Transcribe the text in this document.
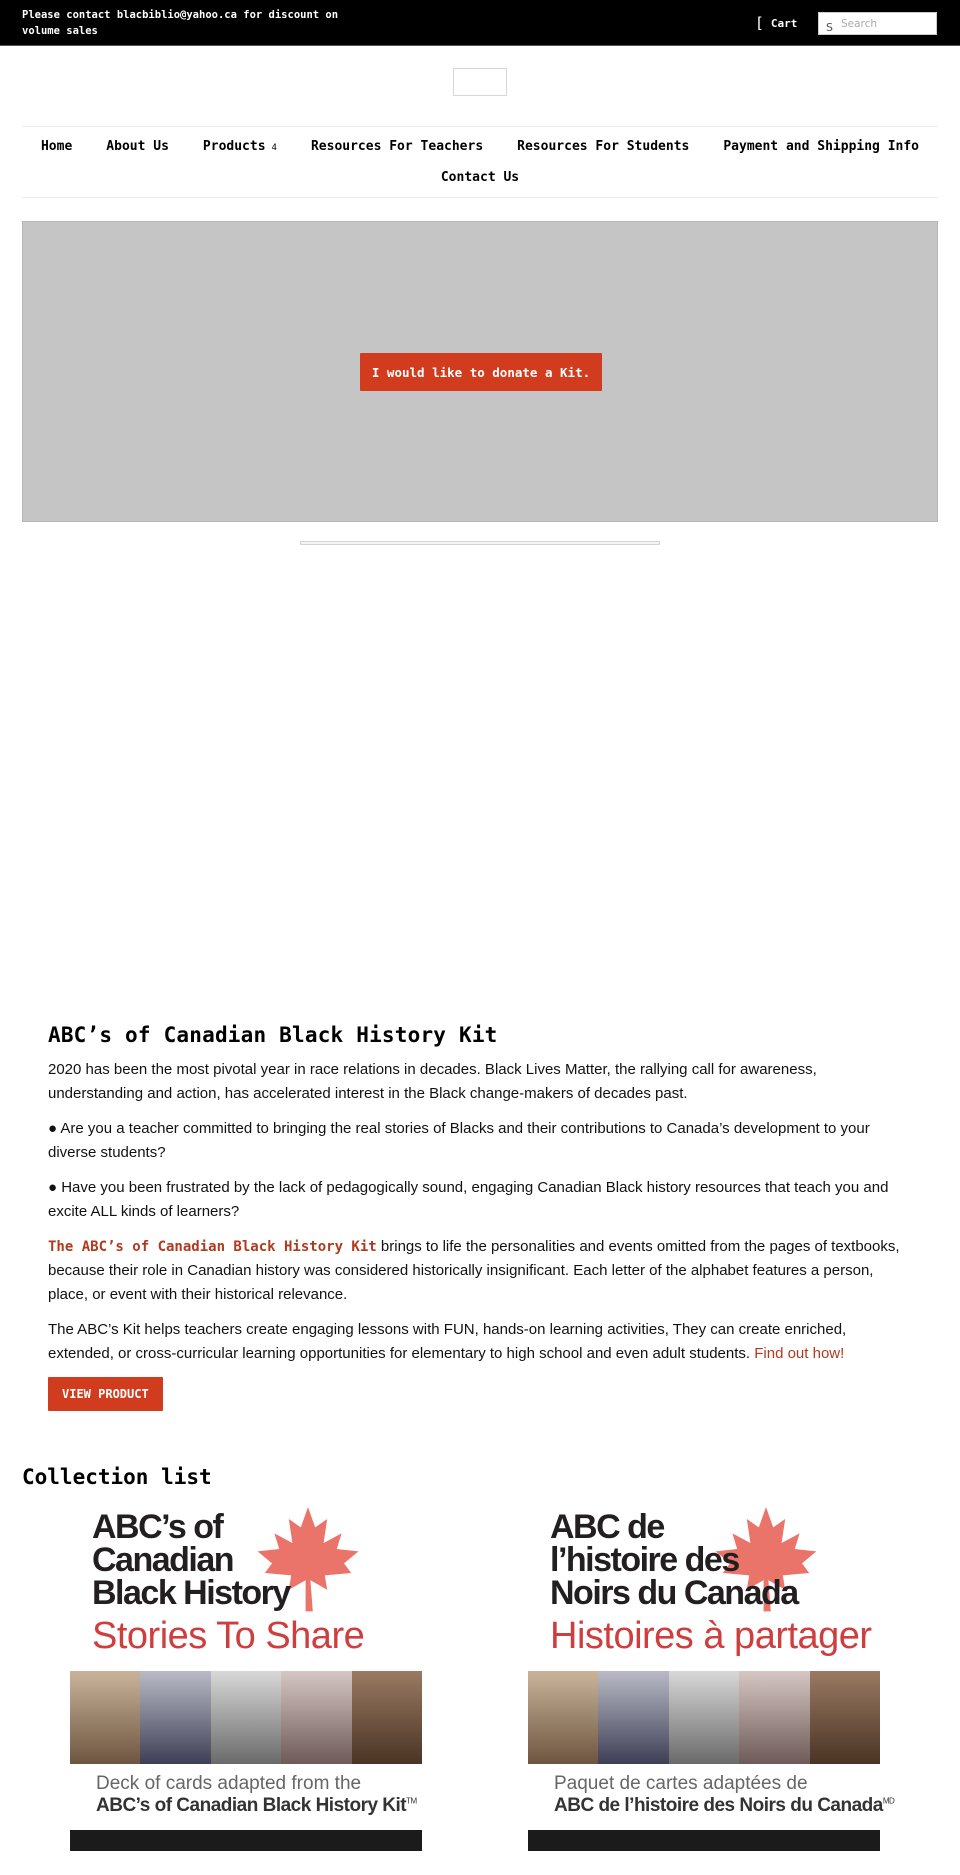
Please contact blacbiblio@yahoo.ca for discount on volume sales	[ Cart	S
Search
Home	About Us	Products 4	Resources For Teachers	Resources For Students	Payment and Shipping Info
Contact Us
I would like to donate a Kit.
ABC’s of Canadian Black History Kit

2020 has been the most pivotal year in race relations in decades. Black Lives Matter, the rallying call for awareness, understanding and action, has accelerated interest in the Black change-makers of decades past.

● Are you a teacher committed to bringing the real stories of Blacks and their contributions to Canada’s development to your diverse students?

● Have you been frustrated by the lack of pedagogically sound, engaging Canadian Black history resources that teach you and excite ALL kinds of learners?

The ABC’s of Canadian Black History Kit brings to life the personalities and events omitted from the pages of textbooks, because their role in Canadian history was considered historically insignificant. Each letter of the alphabet features a person, place, or event with their historical relevance.

The ABC’s Kit helps teachers create engaging lessons with FUN, hands-on learning activities, They can create enriched, extended, or cross-curricular learning opportunities for elementary to high school and even adult students. Find out how!

VIEW PRODUCT
Collection list
ABC’s of
Canadian
Black History
Stories To Share
Deck of cards adapted from the
ABC’s of Canadian Black History Kit™
ABC de
l’histoire des
Noirs du Canada
Histoires à partager
Paquet de cartes adaptées de
ABC de l’histoire des Noirs du Canada$^{MD}$
